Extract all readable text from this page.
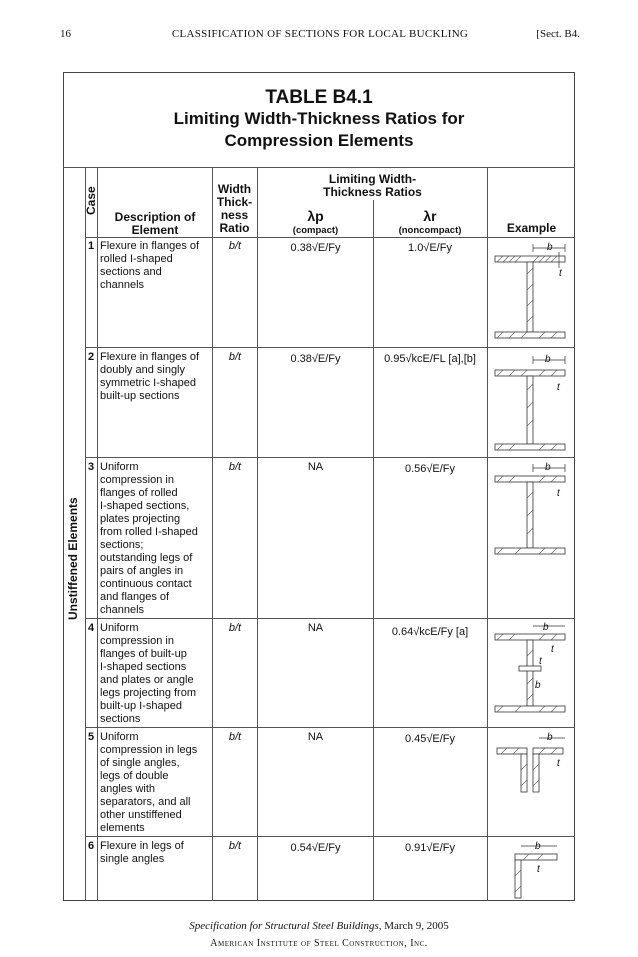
16	CLASSIFICATION OF SECTIONS FOR LOCAL BUCKLING	[Sect. B4.
TABLE B4.1
Limiting Width-Thickness Ratios for
Compression Elements
Case
Description of
Element
Width
Thick-
ness
Ratio
Limiting Width-
Thickness Ratios
λp
(compact)
λr
(noncompact)	Example
Unstiffened Elements
1 Flexure in flanges of
rolled I-shaped
sections and
channels
b/t	0.38√E/Fy	1.0√E/Fy
2 Flexure in flanges of
doubly and singly
symmetric I-shaped
built-up sections
b/t	0.38√E/Fy	0.95√kcE/FL [a],[b]
3 Uniform
compression in
flanges of rolled
I-shaped sections,
plates projecting
from rolled I-shaped
sections;
outstanding legs of
pairs of angles in
continuous contact
and flanges of
channels
b/t	NA	0.56√E/Fy
4 Uniform
compression in
flanges of built-up
I-shaped sections
and plates or angle
legs projecting from
built-up I-shaped
sections
b/t	NA	0.64√kcE/Fy [a]
5 Uniform
compression in legs
of single angles,
legs of double
angles with
separators, and all
other unstiffened
elements
b/t	NA	0.45√E/Fy
6 Flexure in legs of
single angles
b/t	0.54√E/Fy	0.91√E/Fy
b
t
b
t
b
t
b
t
t
b
b
t
b
t
Specification for Structural Steel Buildings, March 9, 2005
American Institute of Steel Construction, Inc.
